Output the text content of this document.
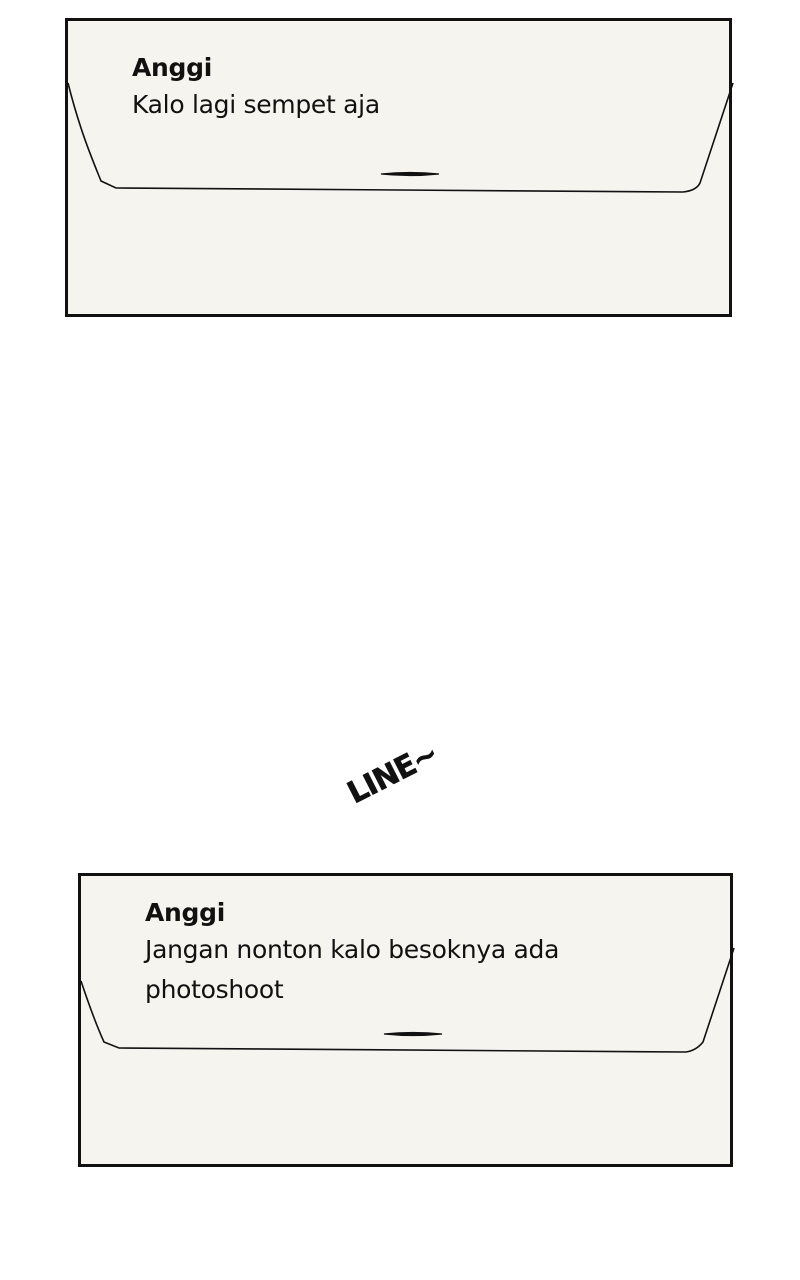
Anggi
Kalo lagi sempet aja
LINE~
Anggi
Jangan nonton kalo besoknya ada photoshoot
